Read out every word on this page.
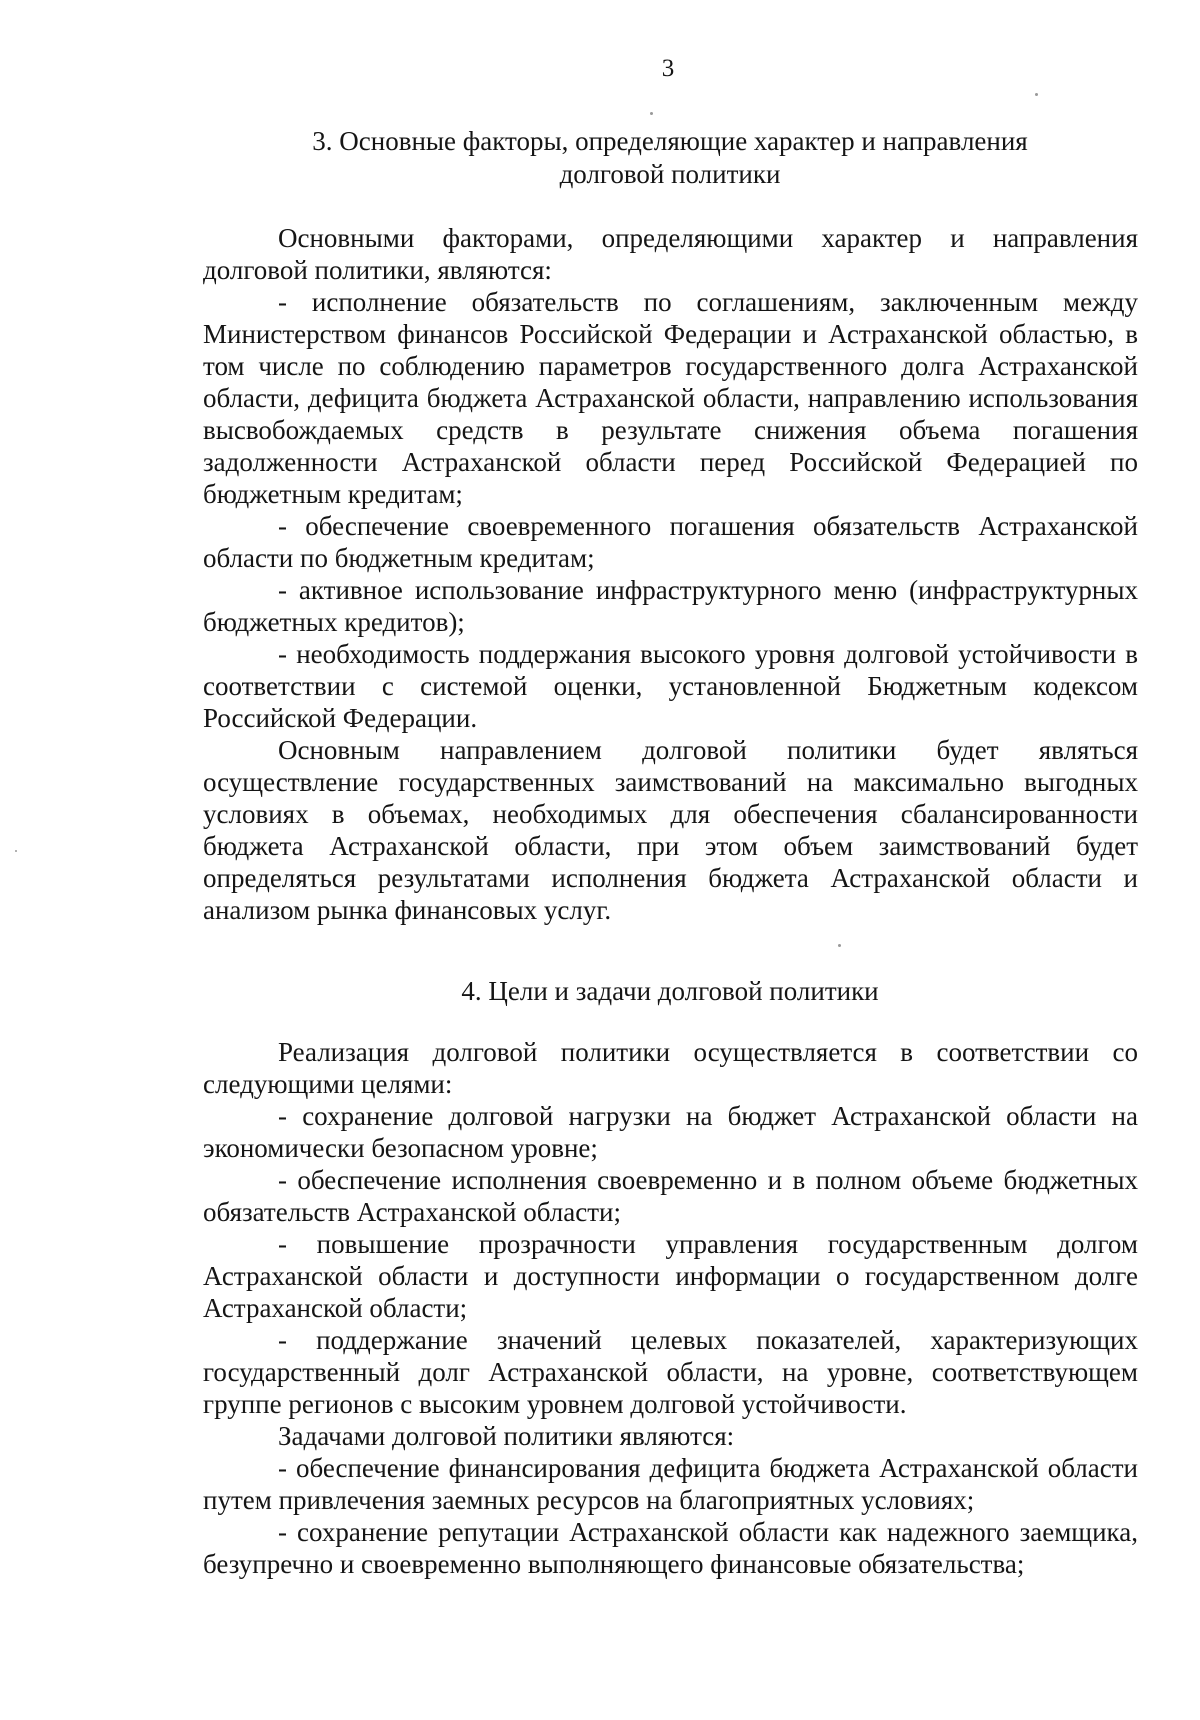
3
3. Основные факторы, определяющие характер и направления
долговой политики

Основными факторами, определяющими характер и направления долговой политики, являются:

- исполнение обязательств по соглашениям, заключенным между Министерством финансов Российской Федерации и Астраханской областью, в том числе по соблюдению параметров государственного долга Астраханской области, дефицита бюджета Астраханской области, направлению использования высвобождаемых средств в результате снижения объема погашения задолженности Астраханской области перед Российской Федерацией по бюджетным кредитам;

- обеспечение своевременного погашения обязательств Астраханской области по бюджетным кредитам;

- активное использование инфраструктурного меню (инфраструктурных бюджетных кредитов);

- необходимость поддержания высокого уровня долговой устойчивости в соответствии с системой оценки, установленной Бюджетным кодексом Российской Федерации.

Основным направлением долговой политики будет являться осуществление государственных заимствований на максимально выгодных условиях в объемах, необходимых для обеспечения сбалансированности бюджета Астраханской области, при этом объем заимствований будет определяться результатами исполнения бюджета Астраханской области и анализом рынка финансовых услуг.

4. Цели и задачи долговой политики

Реализация долговой политики осуществляется в соответствии со следующими целями:

- сохранение долговой нагрузки на бюджет Астраханской области на экономически безопасном уровне;

- обеспечение исполнения своевременно и в полном объеме бюджетных обязательств Астраханской области;

- повышение прозрачности управления государственным долгом Астраханской области и доступности информации о государственном долге Астраханской области;

- поддержание значений целевых показателей, характеризующих государственный долг Астраханской области, на уровне, соответствующем группе регионов с высоким уровнем долговой устойчивости.

Задачами долговой политики являются:

- обеспечение финансирования дефицита бюджета Астраханской области путем привлечения заемных ресурсов на благоприятных условиях;

- сохранение репутации Астраханской области как надежного заемщика, безупречно и своевременно выполняющего финансовые обязательства;
